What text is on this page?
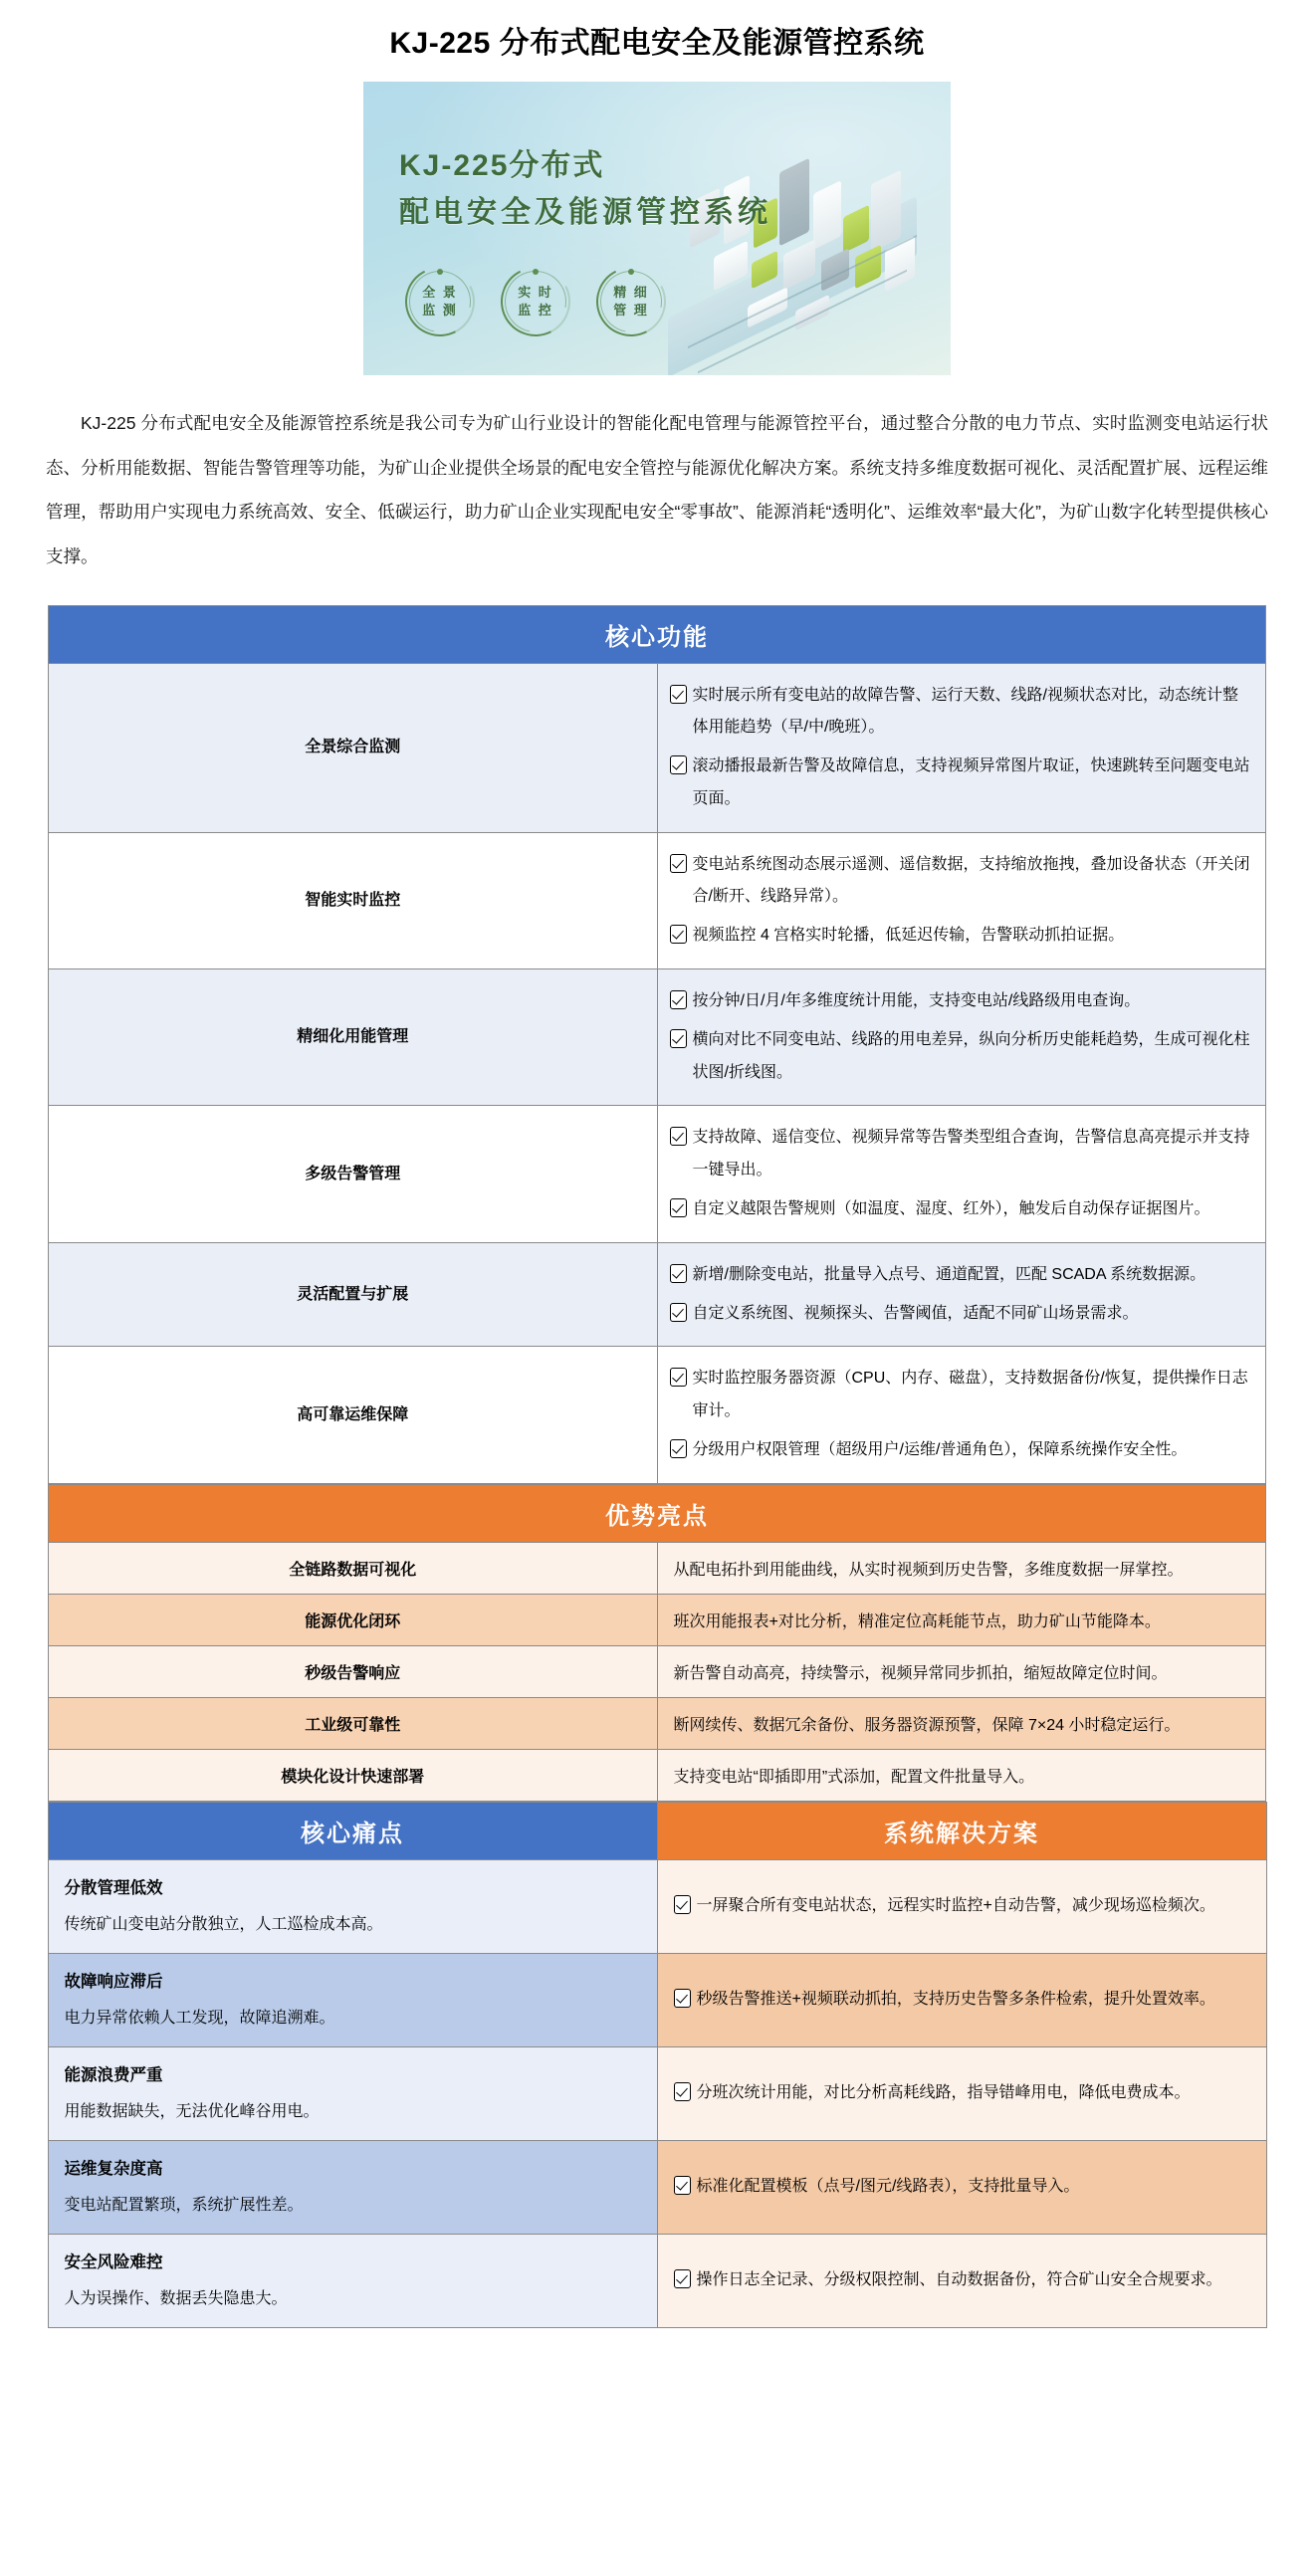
KJ-225 分布式配电安全及能源管控系统
KJ-225分布式
配电安全及能源管控系统
全 景
监 测
实 时
监 控
精 细
管 理

KJ-225 分布式配电安全及能源管控系统是我公司专为矿山行业设计的智能化配电管理与能源管控平台，通过整合分散的电力节点、实时监测变电站运行状态、分析用能数据、智能告警管理等功能，为矿山企业提供全场景的配电安全管控与能源优化解决方案。系统支持多维度数据可视化、灵活配置扩展、远程运维管理，帮助用户实现电力系统高效、安全、低碳运行，助力矿山企业实现配电安全“零事故”、能源消耗“透明化”、运维效率“最大化”，为矿山数字化转型提供核心支撑。

核心功能	
全景综合监测	实时展示所有变电站的故障告警、运行天数、线路/视频状态对比，动态统计整体用能趋势（早/中/晚班）。
滚动播报最新告警及故障信息，支持视频异常图片取证，快速跳转至问题变电站页面。

智能实时监控	变电站系统图动态展示遥测、遥信数据，支持缩放拖拽，叠加设备状态（开关闭合/断开、线路异常）。
视频监控 4 宫格实时轮播，低延迟传输，告警联动抓拍证据。

精细化用能管理	按分钟/日/月/年多维度统计用能，支持变电站/线路级用电查询。
横向对比不同变电站、线路的用电差异，纵向分析历史能耗趋势，生成可视化柱状图/折线图。

多级告警管理	支持故障、遥信变位、视频异常等告警类型组合查询，告警信息高亮提示并支持一键导出。
自定义越限告警规则（如温度、湿度、红外），触发后自动保存证据图片。

灵活配置与扩展	新增/删除变电站，批量导入点号、通道配置，匹配 SCADA 系统数据源。
自定义系统图、视频探头、告警阈值，适配不同矿山场景需求。

高可靠运维保障	实时监控服务器资源（CPU、内存、磁盘），支持数据备份/恢复，提供操作日志审计。
分级用户权限管理（超级用户/运维/普通角色），保障系统操作安全性。
优势亮点	
全链路数据可视化	从配电拓扑到用能曲线，从实时视频到历史告警，多维度数据一屏掌控。
能源优化闭环	班次用能报表+对比分析，精准定位高耗能节点，助力矿山节能降本。
秒级告警响应	新告警自动高亮，持续警示，视频异常同步抓拍，缩短故障定位时间。
工业级可靠性	断网续传、数据冗余备份、服务器资源预警，保障 7×24 小时稳定运行。
模块化设计快速部署	支持变电站“即插即用”式添加，配置文件批量导入。
核心痛点	系统解决方案

分散管理低效
传统矿山变电站分散独立，人工巡检成本高。	一屏聚合所有变电站状态，远程实时监控+自动告警，减少现场巡检频次。

故障响应滞后
电力异常依赖人工发现，故障追溯难。	秒级告警推送+视频联动抓拍，支持历史告警多条件检索，提升处置效率。

能源浪费严重
用能数据缺失，无法优化峰谷用电。	分班次统计用能，对比分析高耗线路，指导错峰用电，降低电费成本。

运维复杂度高
变电站配置繁琐，系统扩展性差。	标准化配置模板（点号/图元/线路表），支持批量导入。

安全风险难控
人为误操作、数据丢失隐患大。	操作日志全记录、分级权限控制、自动数据备份，符合矿山安全合规要求。
